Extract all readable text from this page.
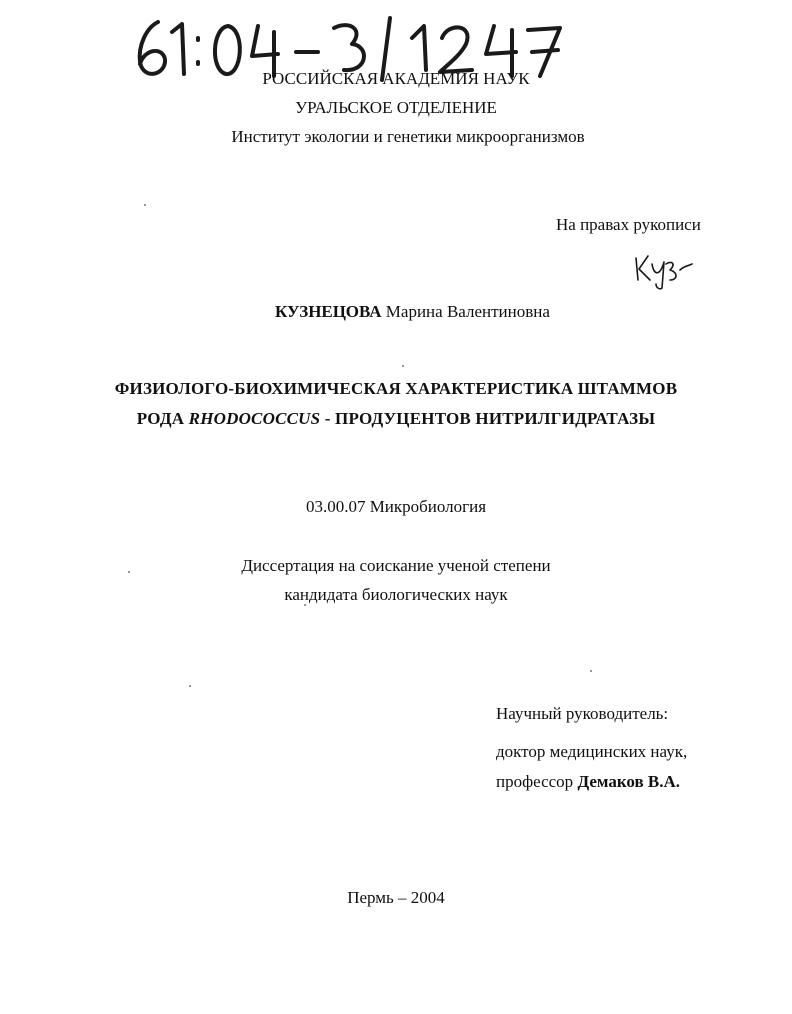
РОССИЙСКАЯ АКАДЕМИЯ НАУК
УРАЛЬСКОЕ ОТДЕЛЕНИЕ
Институт экологии и генетики микроорганизмов
На правах рукописи
КУЗНЕЦОВА Марина Валентиновна
ФИЗИОЛОГО-БИОХИМИЧЕСКАЯ ХАРАКТЕРИСТИКА ШТАММОВ
РОДА RHODOCOCCUS - ПРОДУЦЕНТОВ НИТРИЛГИДРАТАЗЫ
03.00.07 Микробиология
Диссертация на соискание ученой степени
кандидата биологических наук
Научный руководитель:
доктор медицинских наук,
профессор Демаков В.А.
Пермь – 2004
